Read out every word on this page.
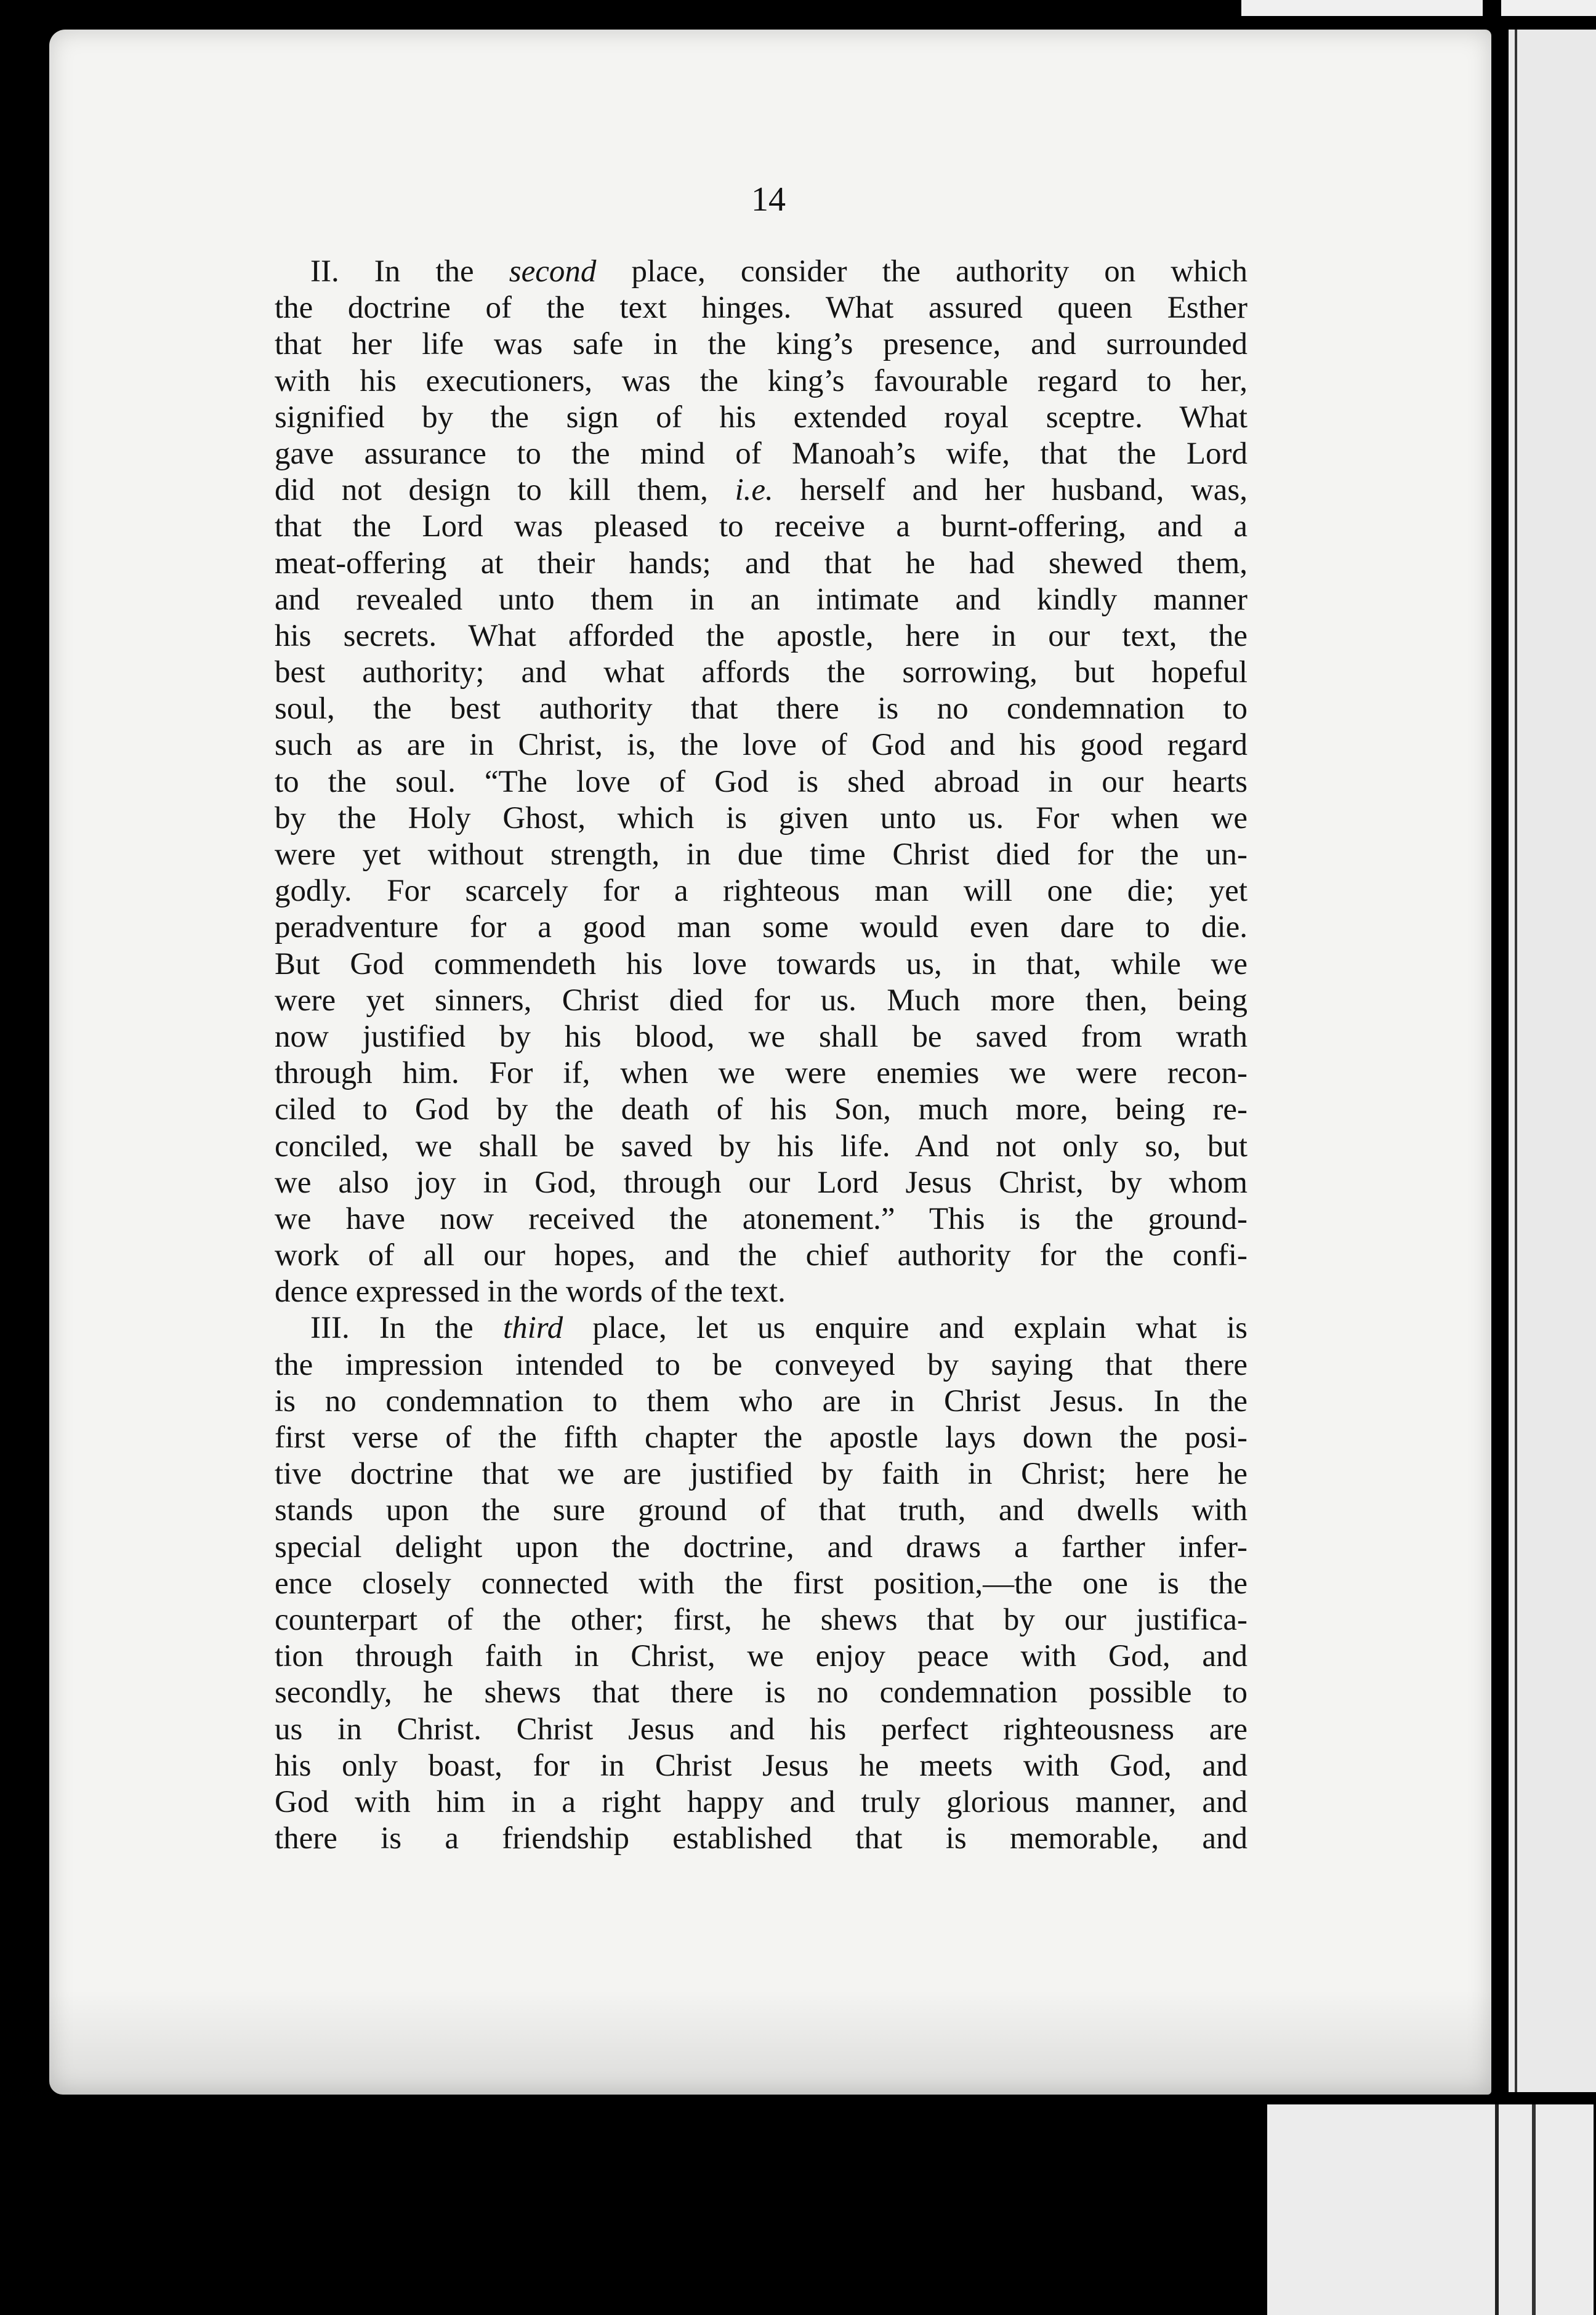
14
II. In the second place, consider the authority on which
the doctrine of the text hinges. What assured queen Esther
that her life was safe in the king’s presence, and surrounded
with his executioners, was the king’s favourable regard to her,
signified by the sign of his extended royal sceptre. What
gave assurance to the mind of Manoah’s wife, that the Lord
did not design to kill them, i.e. herself and her husband, was,
that the Lord was pleased to receive a burnt-offering, and a
meat-offering at their hands; and that he had shewed them,
and revealed unto them in an intimate and kindly manner
his secrets. What afforded the apostle, here in our text, the
best authority; and what affords the sorrowing, but hopeful
soul, the best authority that there is no condemnation to
such as are in Christ, is, the love of God and his good regard
to the soul. “The love of God is shed abroad in our hearts
by the Holy Ghost, which is given unto us. For when we
were yet without strength, in due time Christ died for the un-
godly. For scarcely for a righteous man will one die; yet
peradventure for a good man some would even dare to die.
But God commendeth his love towards us, in that, while we
were yet sinners, Christ died for us. Much more then, being
now justified by his blood, we shall be saved from wrath
through him. For if, when we were enemies we were recon-
ciled to God by the death of his Son, much more, being re-
conciled, we shall be saved by his life. And not only so, but
we also joy in God, through our Lord Jesus Christ, by whom
we have now received the atonement.” This is the ground-
work of all our hopes, and the chief authority for the confi-
dence expressed in the words of the text.
III. In the third place, let us enquire and explain what is
the impression intended to be conveyed by saying that there
is no condemnation to them who are in Christ Jesus. In the
first verse of the fifth chapter the apostle lays down the posi-
tive doctrine that we are justified by faith in Christ; here he
stands upon the sure ground of that truth, and dwells with
special delight upon the doctrine, and draws a farther infer-
ence closely connected with the first position,—the one is the
counterpart of the other; first, he shews that by our justifica-
tion through faith in Christ, we enjoy peace with God, and
secondly, he shews that there is no condemnation possible to
us in Christ. Christ Jesus and his perfect righteousness are
his only boast, for in Christ Jesus he meets with God, and
God with him in a right happy and truly glorious manner, and
there is a friendship established that is memorable, and
